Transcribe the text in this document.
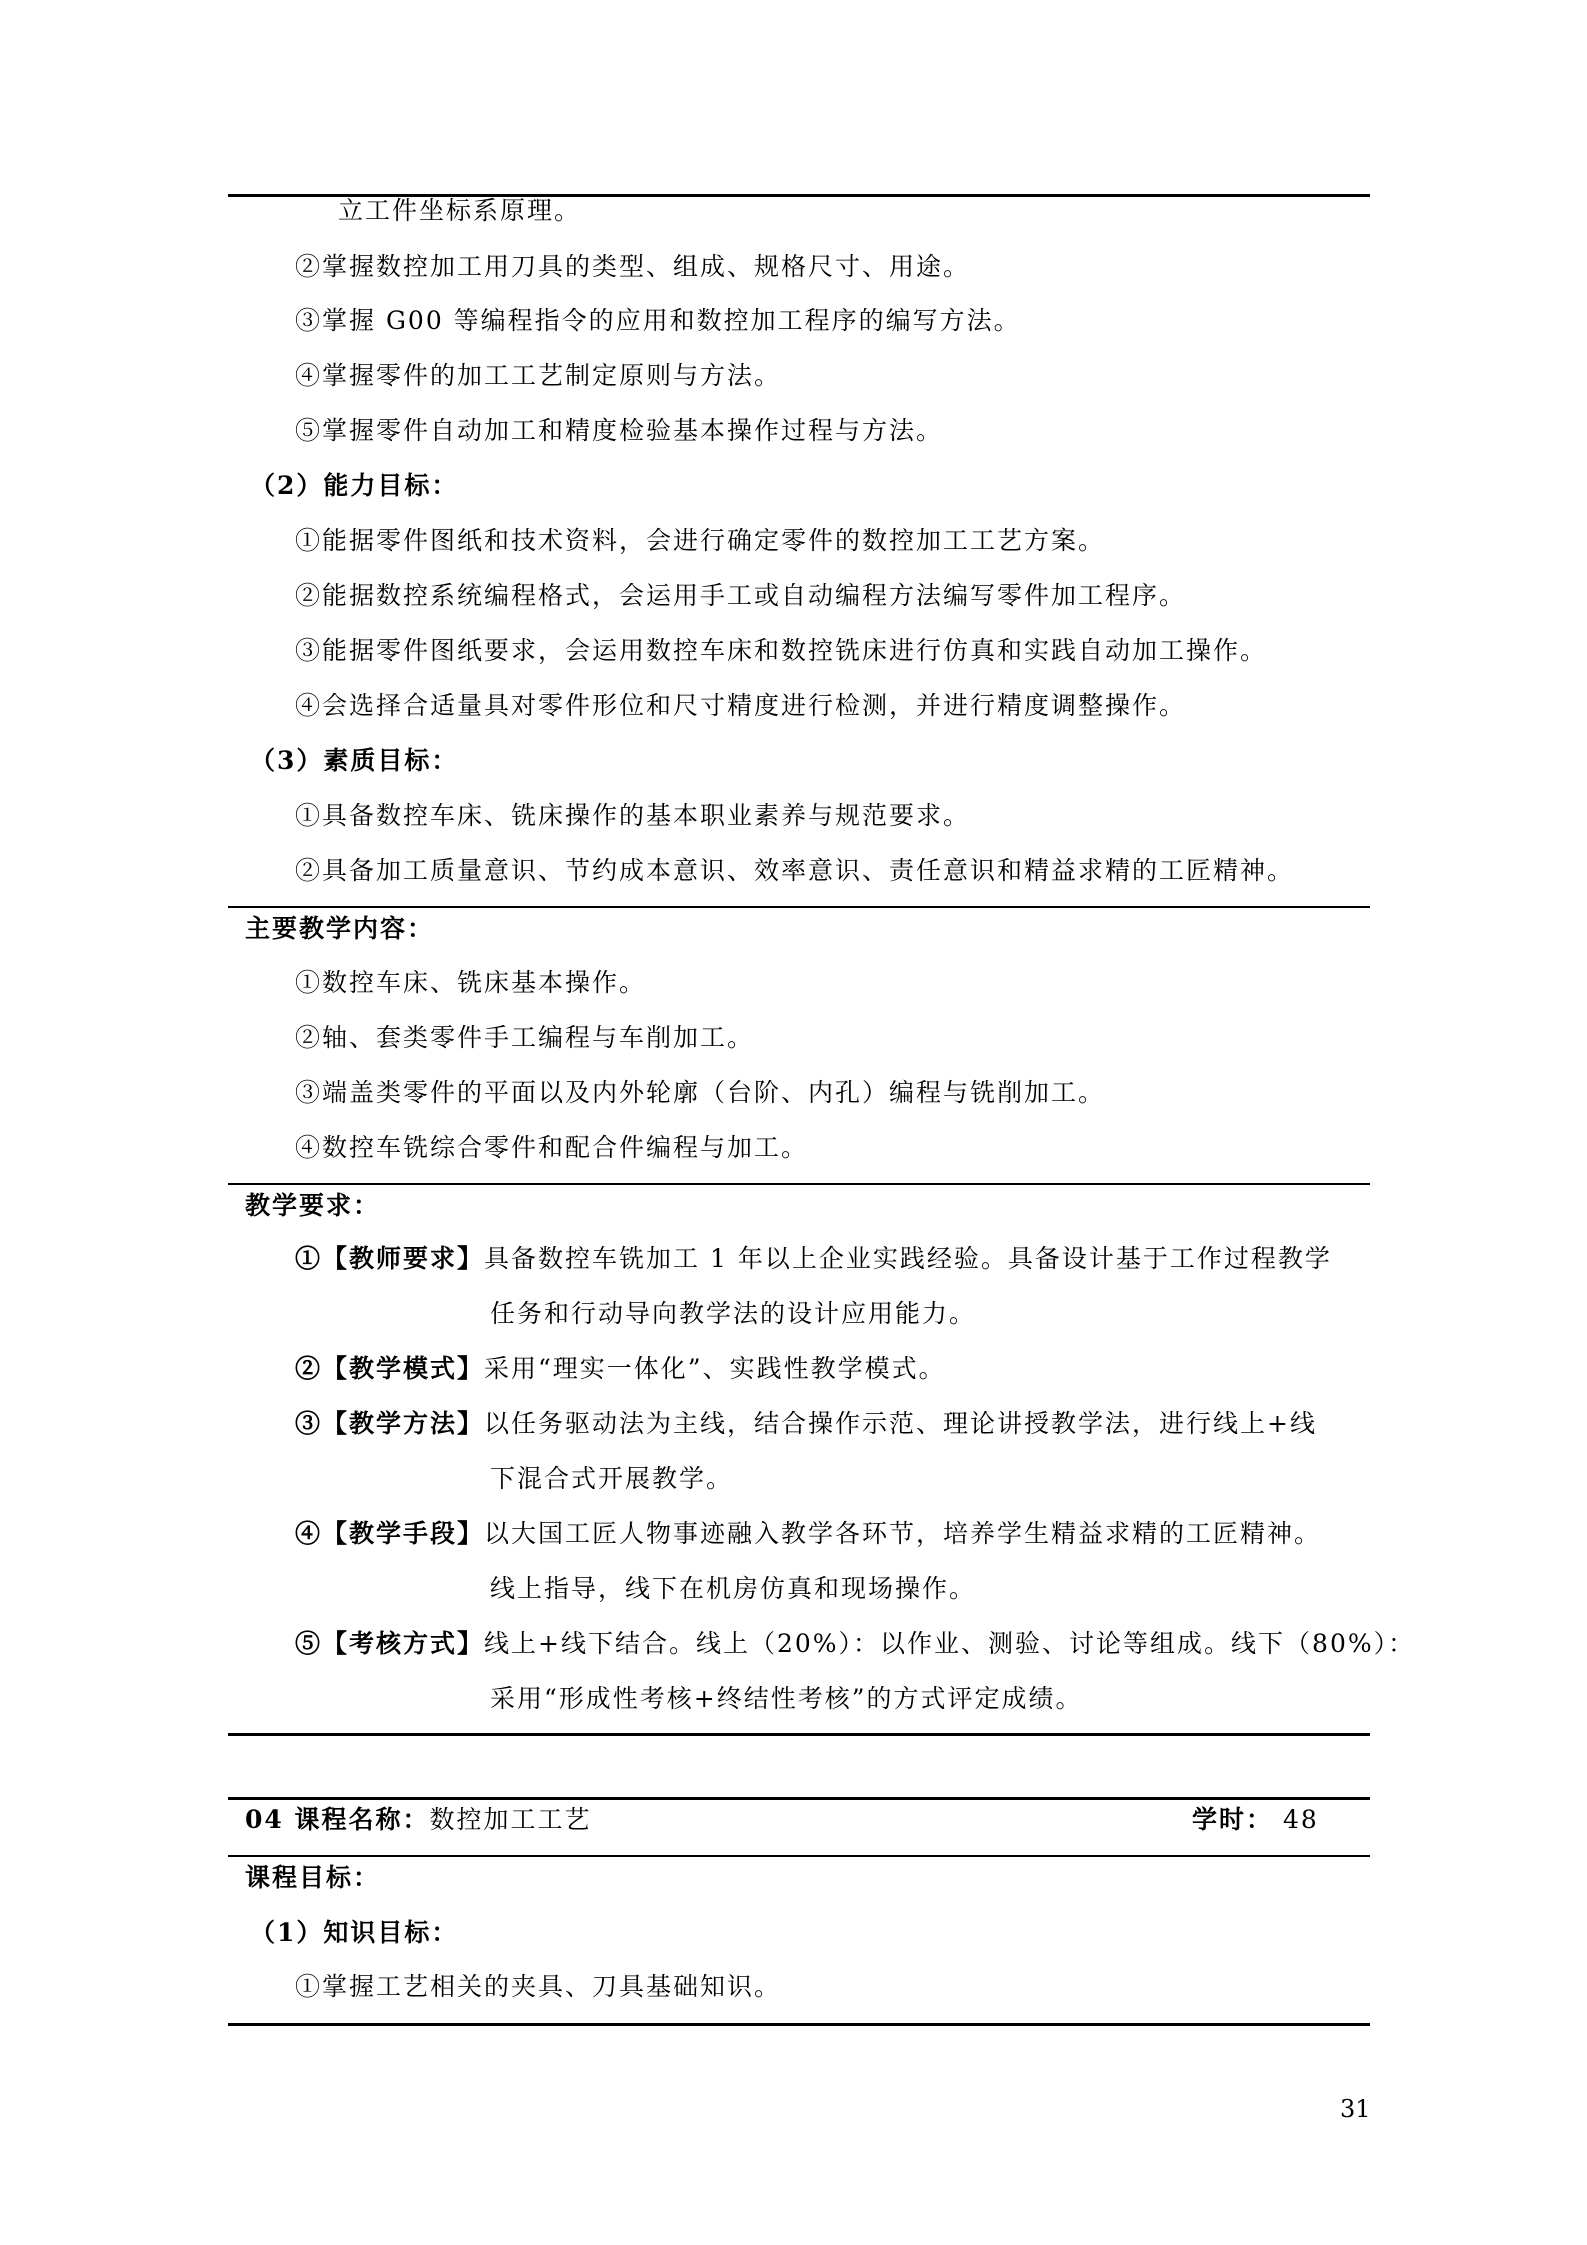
立工件坐标系原理。
②掌握数控加工用刀具的类型、组成、规格尺寸、用途。
③掌握 G00 等编程指令的应用和数控加工程序的编写方法。
④掌握零件的加工工艺制定原则与方法。
⑤掌握零件自动加工和精度检验基本操作过程与方法。
（2）能力目标：
①能据零件图纸和技术资料，会进行确定零件的数控加工工艺方案。
②能据数控系统编程格式，会运用手工或自动编程方法编写零件加工程序。
③能据零件图纸要求，会运用数控车床和数控铣床进行仿真和实践自动加工操作。
④会选择合适量具对零件形位和尺寸精度进行检测，并进行精度调整操作。
（3）素质目标：
①具备数控车床、铣床操作的基本职业素养与规范要求。
②具备加工质量意识、节约成本意识、效率意识、责任意识和精益求精的工匠精神。
主要教学内容：
①数控车床、铣床基本操作。
②轴、套类零件手工编程与车削加工。
③端盖类零件的平面以及内外轮廓（台阶、内孔）编程与铣削加工。
④数控车铣综合零件和配合件编程与加工。
教学要求：
①【教师要求】具备数控车铣加工 1 年以上企业实践经验。具备设计基于工作过程教学
任务和行动导向教学法的设计应用能力。
②【教学模式】采用“理实一体化”、实践性教学模式。
③【教学方法】以任务驱动法为主线，结合操作示范、理论讲授教学法，进行线上+线
下混合式开展教学。
④【教学手段】以大国工匠人物事迹融入教学各环节，培养学生精益求精的工匠精神。
线上指导，线下在机房仿真和现场操作。
⑤【考核方式】线上+线下结合。线上（20%）：以作业、测验、讨论等组成。线下（80%）：
采用“形成性考核+终结性考核”的方式评定成绩。
04 课程名称：数控加工工艺	学时： 48
课程目标：
（1）知识目标：
①掌握工艺相关的夹具、刀具基础知识。
31
